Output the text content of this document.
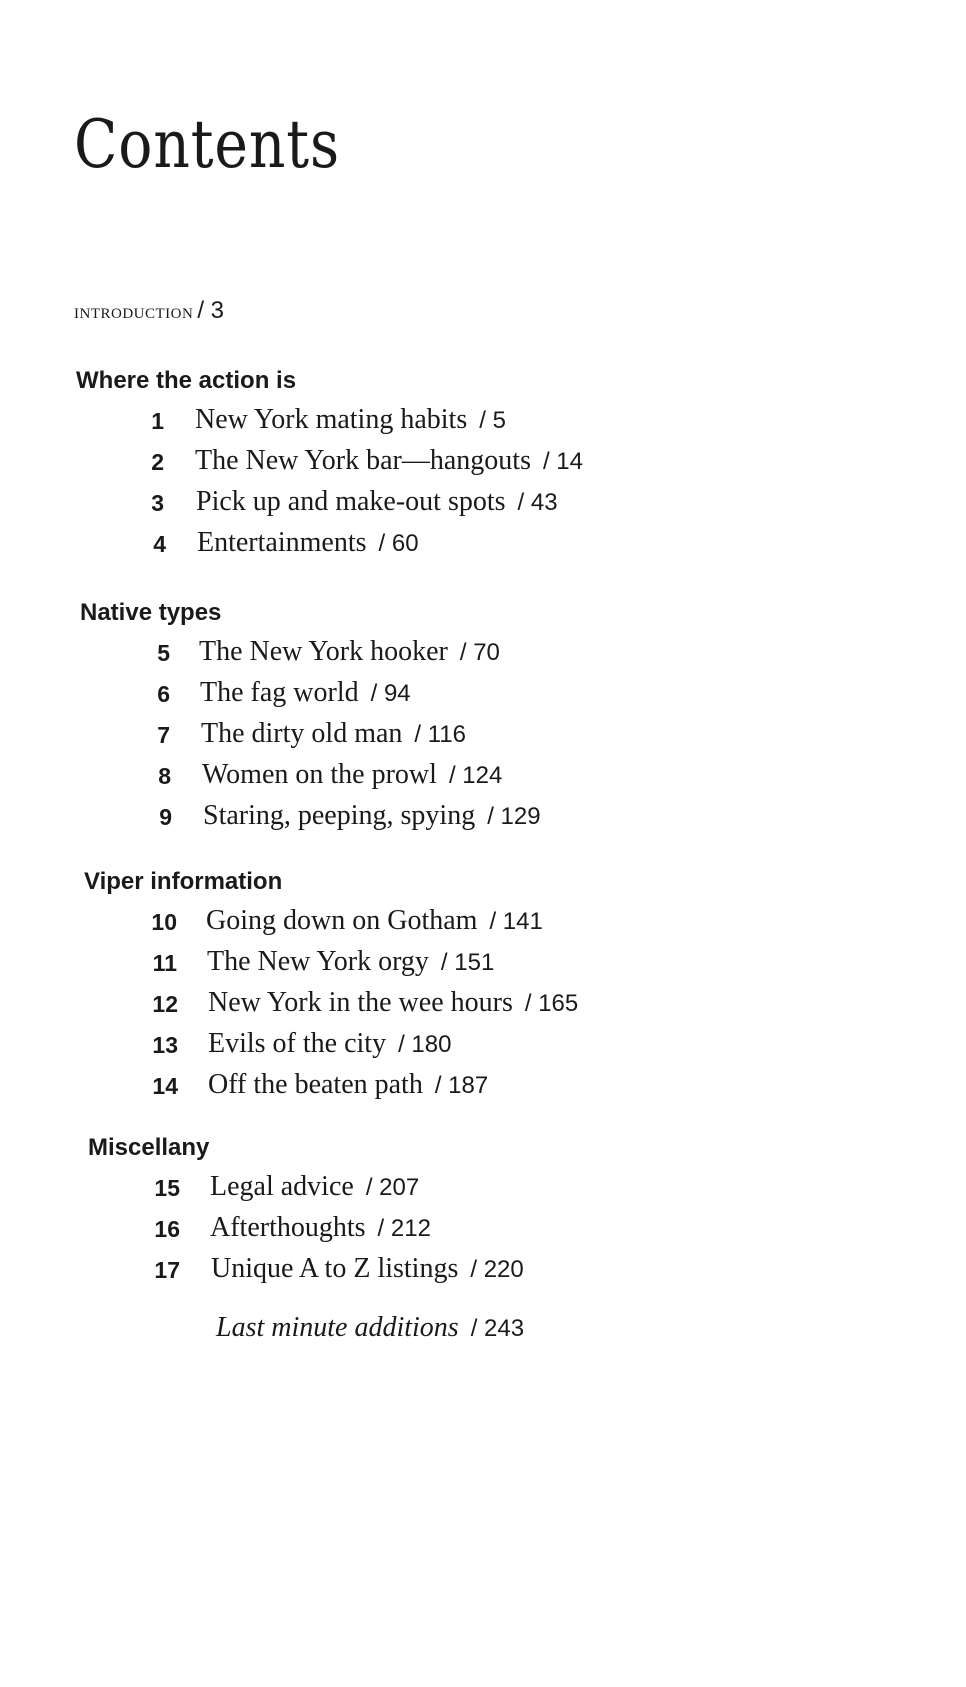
Contents
introduction / 3
Where the action is
1 New York mating habits / 5
2 The New York bar—hangouts / 14
3 Pick up and make-out spots / 43
4 Entertainments / 60
Native types
5 The New York hooker / 70
6 The fag world / 94
7 The dirty old man / 116
8 Women on the prowl / 124
9 Staring, peeping, spying / 129
Viper information
10 Going down on Gotham / 141
11 The New York orgy / 151
12 New York in the wee hours / 165
13 Evils of the city / 180
14 Off the beaten path / 187
Miscellany
15 Legal advice / 207
16 Afterthoughts / 212
17 Unique A to Z listings / 220
Last minute additions / 243
